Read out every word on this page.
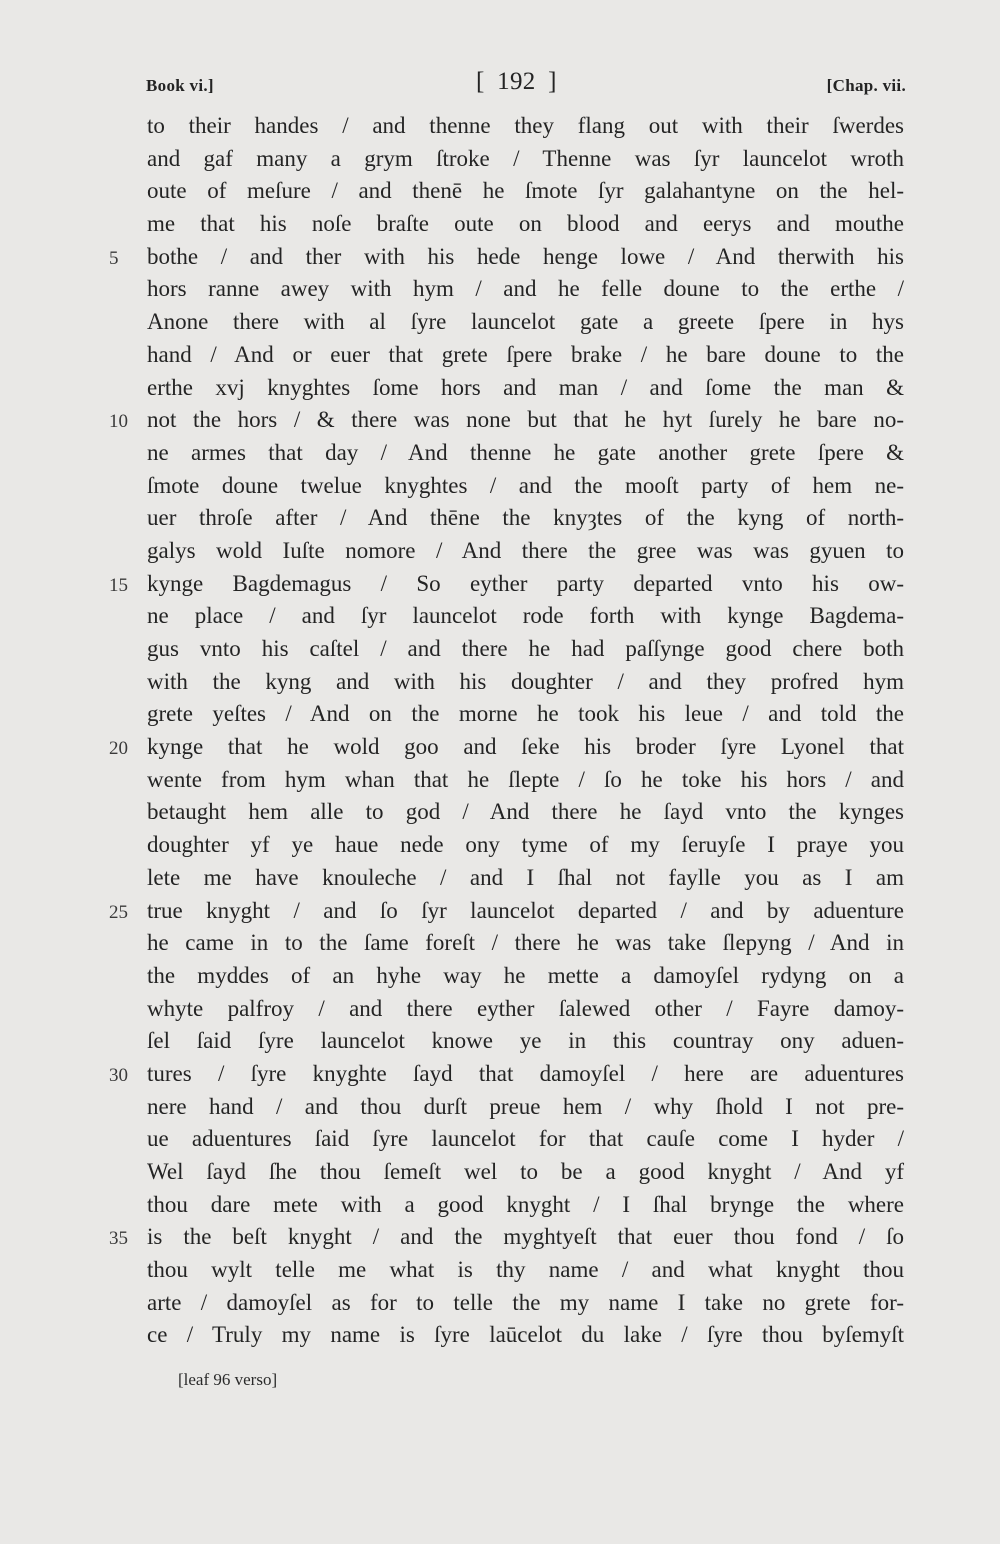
Book vi.]	[ 192 ]	[Chap. vii.
to their handes / and thenne they flang out with their ſwerdes
and gaf many a grym ſtroke / Thenne was ſyr launcelot wroth
oute of meſure / and thenē he ſmote ſyr galahantyne on the hel-
me that his noſe braſte oute on blood and eerys and mouthe
5	bothe / and ther with his hede henge lowe / And therwith his
hors ranne awey with hym / and he felle doune to the erthe /
Anone there with al ſyre launcelot gate a greete ſpere in hys
hand / And or euer that grete ſpere brake / he bare doune to the
erthe xvj knyghtes ſome hors and man / and ſome the man &
10 not the hors / & there was none but that he hyt ſurely he bare no-
ne armes that day / And thenne he gate another grete ſpere &
ſmote doune twelue knyghtes / and the mooſt party of hem ne-
uer throſe after / And thēne the knyȝtes of the kyng of north-
galys wold Iuſte nomore / And there the gree was was gyuen to
15 kynge Bagdemagus / So eyther party departed vnto his ow-
ne place / and ſyr launcelot rode forth with kynge Bagdema-
gus vnto his caſtel / and there he had paſſynge good chere both
with the kyng and with his doughter / and they profred hym
grete yeſtes / And on the morne he took his leue / and told the
20 kynge that he wold goo and ſeke his broder ſyre Lyonel that
wente from hym whan that he ſlepte / ſo he toke his hors / and
betaught hem alle to god / And there he ſayd vnto the kynges
doughter yf ye haue nede ony tyme of my ſeruyſe I praye you
lete me have knouleche / and I ſhal not faylle you as I am
25 true knyght / and ſo ſyr launcelot departed / and by aduenture
he came in to the ſame foreſt / there he was take ſlepyng / And in
the myddes of an hyhe way he mette a damoyſel rydyng on a
whyte palfroy / and there eyther ſalewed other / Fayre damoy-
ſel ſaid ſyre launcelot knowe ye in this countray ony aduen-
30 tures / ſyre knyghte ſayd that damoyſel / here are aduentures
nere hand / and thou durſt preue hem / why ſhold I not pre-
ue aduentures ſaid ſyre launcelot for that cauſe come I hyder /
Wel ſayd ſhe thou ſemeſt wel to be a good knyght / And yf
thou dare mete with a good knyght / I ſhal brynge the where
35 is the beſt knyght / and the myghtyeſt that euer thou fond / ſo
thou wylt telle me what is thy name / and what knyght thou
arte / damoyſel as for to telle the my name I take no grete for-
ce / Truly my name is ſyre laūcelot du lake / ſyre thou byſemyſt
[leaf 96 verso]
